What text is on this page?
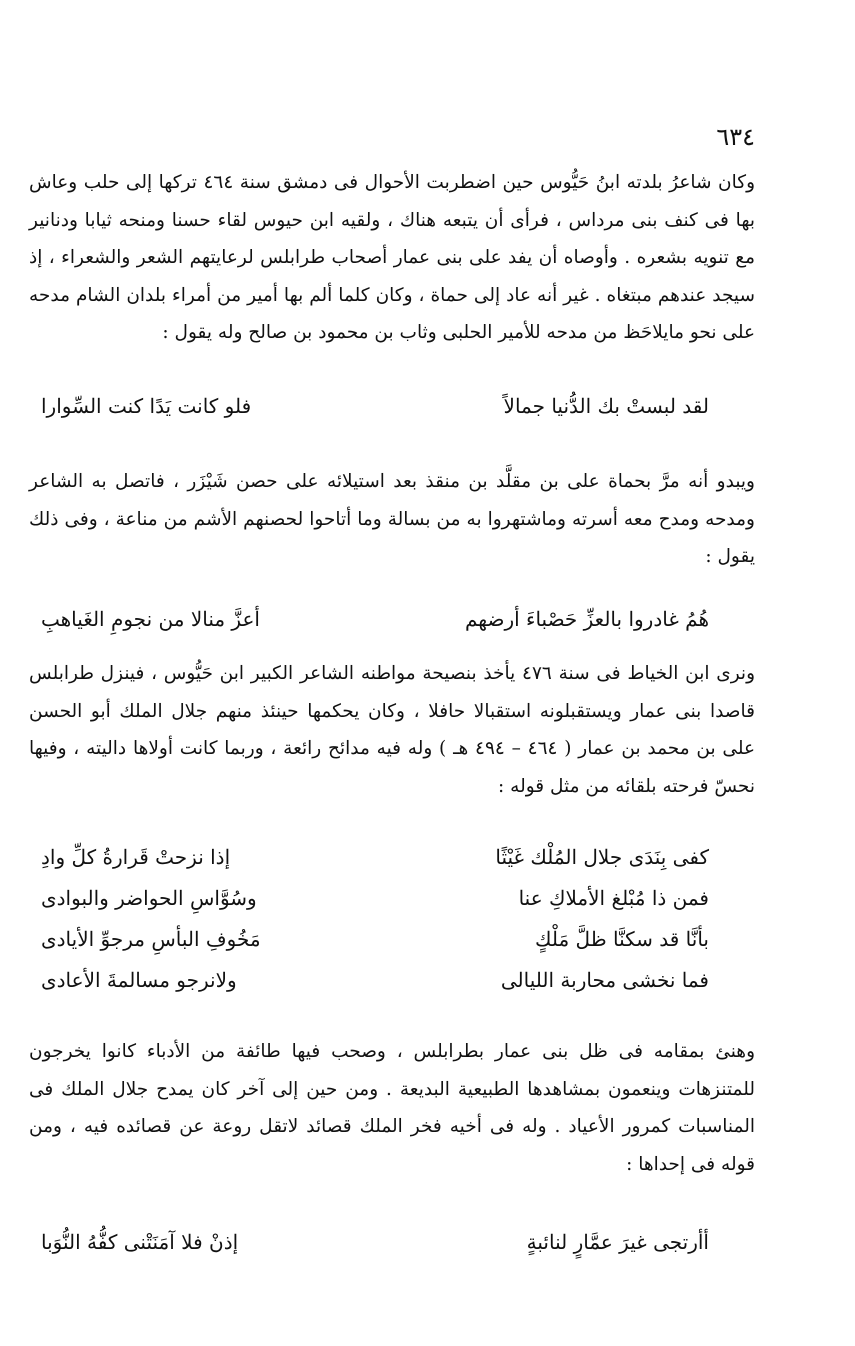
٦٣٤

وكان شاعرُ بلدته ابنُ حَيُّوس حين اضطربت الأحوال فى دمشق سنة ٤٦٤ تركها إلى حلب وعاش بها فى كنف بنى مرداس ، فرأى أن يتبعه هناك ، ولقيه ابن حيوس لقاء حسنا ومنحه ثيابا ودنانير مع تنويه بشعره . وأوصاه أن يفد على بنى عمار أصحاب طرابلس لرعايتهم الشعر والشعراء ، إذ سيجد عندهم مبتغاه . غير أنه عاد إلى حماة ، وكان كلما ألم بها أمير من أمراء بلدان الشام مدحه على نحو مايلاحَظ من مدحه للأمير الحلبى وثاب بن محمود بن صالح وله يقول :

لقد لبستْ بك الدُّنيا جمالاً
فلو كانت يَدًا كنت السِّوارا

ويبدو أنه مرَّ بحماة على بن مقلَّد بن منقذ بعد استيلائه على حصن شَيْزَر ، فاتصل به الشاعر ومدحه ومدح معه أسرته وماشتهروا به من بسالة وما أتاحوا لحصنهم الأشم من مناعة ، وفى ذلك يقول :

هُمُ غادروا بالعزِّ حَصْباءَ أرضهم
أعزَّ منالا من نجومِ الغَياهبِ

ونرى ابن الخياط فى سنة ٤٧٦ يأخذ بنصيحة مواطنه الشاعر الكبير ابن حَيُّوس ، فينزل طرابلس قاصدا بنى عمار ويستقبلونه استقبالا حافلا ، وكان يحكمها حينئذ منهم جلال الملك أبو الحسن على بن محمد بن عمار ( ٤٦٤ – ٤٩٤ هـ ) وله فيه مدائح رائعة ، وربما كانت أولاها داليته ، وفيها نحسّ فرحته بلقائه من مثل قوله :

كفى بِنَدَى جلال المُلْك غَيْثًا
إذا نزحتْ قَرارةُ كلِّ وادِ
فمن ذا مُبْلغ الأملاكِ عنا
وسُوَّاسِ الحواضر والبوادى
بأنَّا قد سكنَّا ظلَّ مَلْكٍ
مَخُوفِ البأسِ مرجوِّ الأيادى
فما نخشى محاربة الليالى
ولانرجو مسالمةَ الأعادى

وهنئ بمقامه فى ظل بنى عمار بطرابلس ، وصحب فيها طائفة من الأدباء كانوا يخرجون للمتنزهات وينعمون بمشاهدها الطبيعية البديعة . ومن حين إلى آخر كان يمدح جلال الملك فى المناسبات كمرور الأعياد . وله فى أخيه فخر الملك قصائد لاتقل روعة عن قصائده فيه ، ومن قوله فى إحداها :

أأرتجى غيرَ عمَّارٍ لنائبةٍ
إذنْ فلا آمَنَتْنى كفُّهُ النُّوَبا
